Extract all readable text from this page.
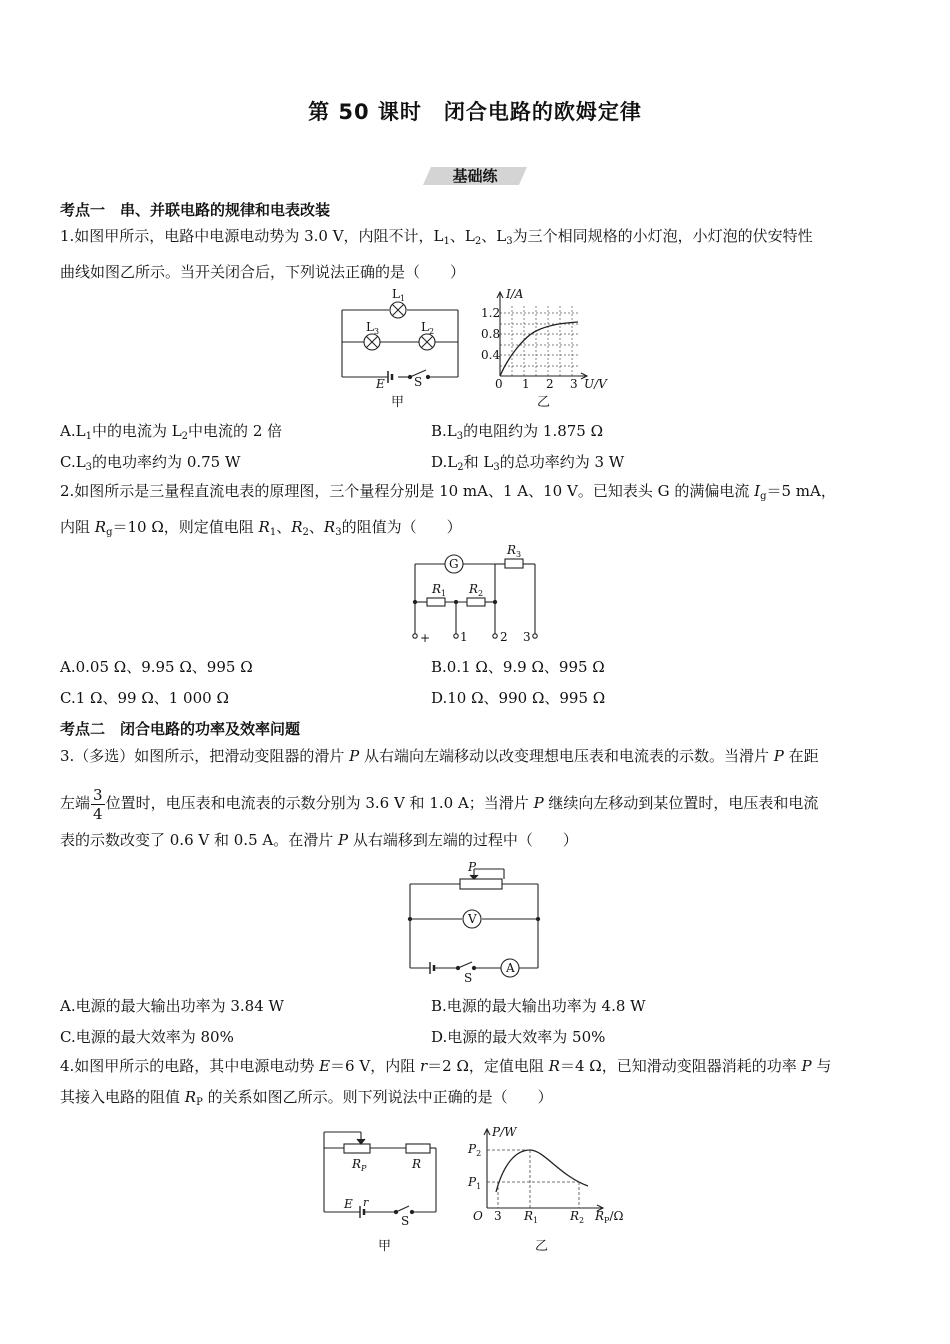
第 50 课时　闭合电路的欧姆定律
基础练
考点一　串、并联电路的规律和电表改装
1.如图甲所示，电路中电源电动势为 3.0 V，内阻不计，$L_1$、$L_2$、$L_3$为三个相同规格的小灯泡，小灯泡的伏安特性
曲线如图乙所示。当开关闭合后，下列说法正确的是（　　）
$L_1$
$L_3$	$L_2$
E S
甲
I/A
1.2
0.8
0.4
0 1 2 3 U/V
乙
$A.L_1$中的电流为 $L_2$中电流的 2 倍	$B.L_3$的电阻约为 1.875 Ω
$C.L_3$的电功率约为 0.75 W	$D.L_2$和 $L_3$的总功率约为 3 W
2.如图所示是三量程直流电表的原理图，三个量程分别是 10 mA、1 A、10 V。已知表头 G 的满偏电流 $I_g=5$ mA，
内阻 $R_g=10$ Ω，则定值电阻 $R_1$、$R_2$、$R_3$的阻值为（　　）
G
$R_3$
$R_1$ $R_2$
+ 1	2 3
A.0.05 Ω、9.95 Ω、995 Ω	B.0.1 Ω、9.9 Ω、995 Ω
C.1 Ω、99 Ω、1 000 Ω	D.10 Ω、990 Ω、995 Ω
考点二　闭合电路的功率及效率问题
3.（多选）如图所示，把滑动变阻器的滑片 P 从右端向左端移动以改变理想电压表和电流表的示数。当滑片 P 在距
左端 $\frac{3}{4}$ 位置时，电压表和电流表的示数分别为 3.6 V 和 1.0 A；当滑片 P 继续向左移动到某位置时，电压表和电流
表的示数改变了 0.6 V 和 0.5 A。在滑片 P 从右端移到左端的过程中（　　）
P
V
A
S
A.电源的最大输出功率为 3.84 W	B.电源的最大输出功率为 4.8 W
C.电源的最大效率为 80%	D.电源的最大效率为 50%
4.如图甲所示的电路，其中电源电动势 E＝6 V，内阻 r＝2 Ω，定值电阻 R＝4 Ω，已知滑动变阻器消耗的功率 P 与
其接入电路的阻值 $R_P$ 的关系如图乙所示。则下列说法中正确的是（　　）
$R_P$	R
E r
S
甲
P/W
$P_2$
$P_1$
O 3 $R_1$	$R_2$ $R_P/\Omega$
乙
